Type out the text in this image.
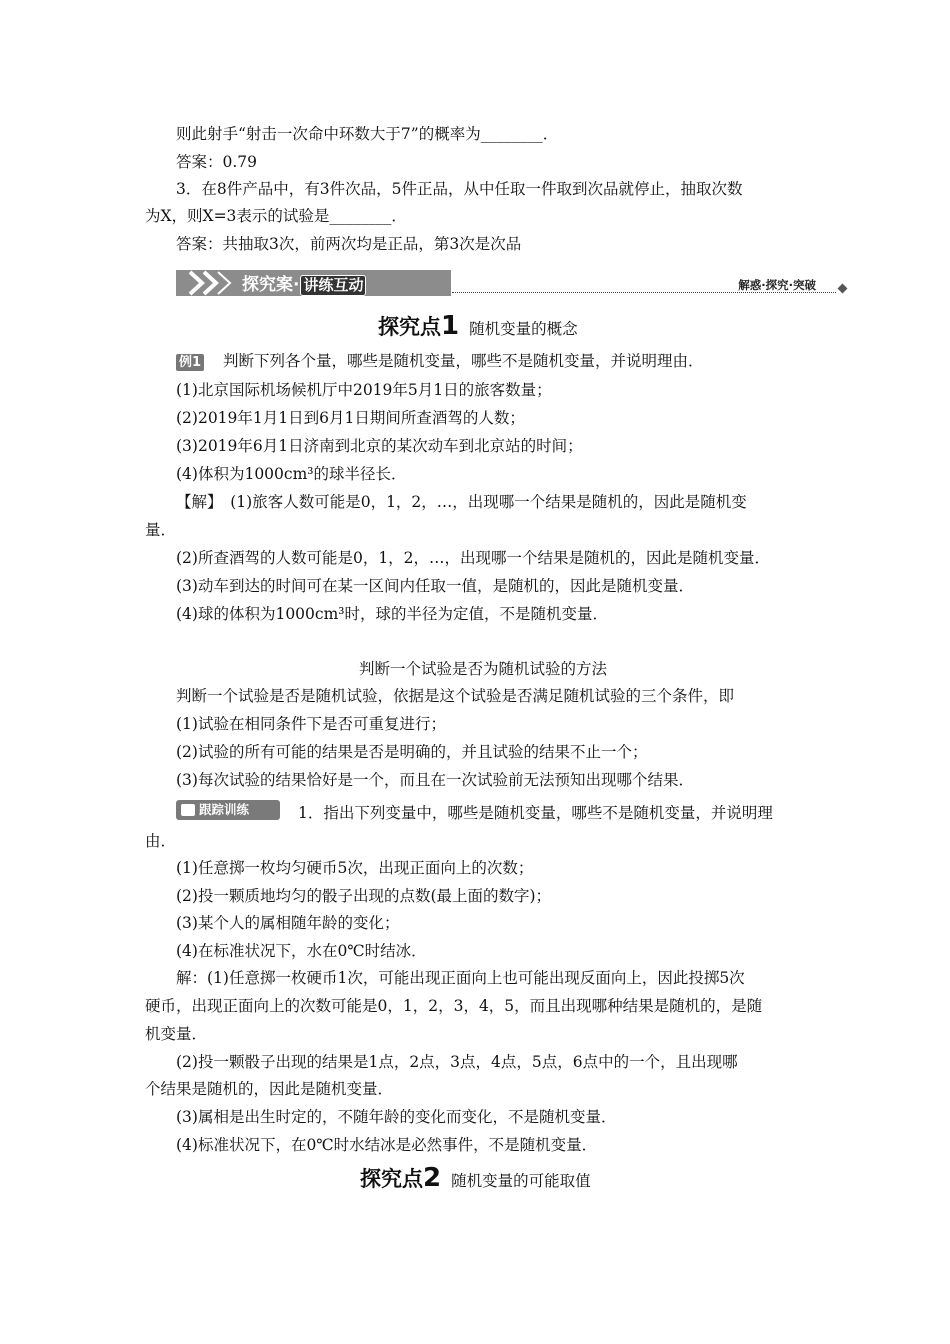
则此射手“射击一次命中环数大于7”的概率为________．
答案：0.79
3．在8件产品中，有3件次品，5件正品，从中任取一件取到次品就停止，抽取次数
为X，则X=3表示的试验是________．
答案：共抽取3次，前两次均是正品，第3次是次品
探究案· 讲练互动	解惑·探究·突破
探究点1 随机变量的概念
例1 判断下列各个量，哪些是随机变量，哪些不是随机变量，并说明理由．
(1)北京国际机场候机厅中2019年5月1日的旅客数量；
(2)2019年1月1日到6月1日期间所查酒驾的人数；
(3)2019年6月1日济南到北京的某次动车到北京站的时间；
(4)体积为1000cm³的球半径长．
【解】　(1)旅客人数可能是0，1，2，…，出现哪一个结果是随机的，因此是随机变
量．
(2)所查酒驾的人数可能是0，1，2，…，出现哪一个结果是随机的，因此是随机变量．
(3)动车到达的时间可在某一区间内任取一值，是随机的，因此是随机变量．
(4)球的体积为1000cm³时，球的半径为定值，不是随机变量．
判断一个试验是否为随机试验的方法
判断一个试验是否是随机试验，依据是这个试验是否满足随机试验的三个条件，即
(1)试验在相同条件下是否可重复进行；
(2)试验的所有可能的结果是否是明确的，并且试验的结果不止一个；
(3)每次试验的结果恰好是一个，而且在一次试验前无法预知出现哪个结果．
跟踪训练	1．指出下列变量中，哪些是随机变量，哪些不是随机变量，并说明理
由．
(1)任意掷一枚均匀硬币5次，出现正面向上的次数；
(2)投一颗质地均匀的骰子出现的点数(最上面的数字)；
(3)某个人的属相随年龄的变化；
(4)在标准状况下，水在0℃时结冰．
解：(1)任意掷一枚硬币1次，可能出现正面向上也可能出现反面向上，因此投掷5次
硬币，出现正面向上的次数可能是0，1，2，3，4，5，而且出现哪种结果是随机的，是随
机变量．
(2)投一颗骰子出现的结果是1点，2点，3点，4点，5点，6点中的一个，且出现哪
个结果是随机的，因此是随机变量．
(3)属相是出生时定的，不随年龄的变化而变化，不是随机变量．
(4)标准状况下，在0℃时水结冰是必然事件，不是随机变量．
探究点2 随机变量的可能取值
